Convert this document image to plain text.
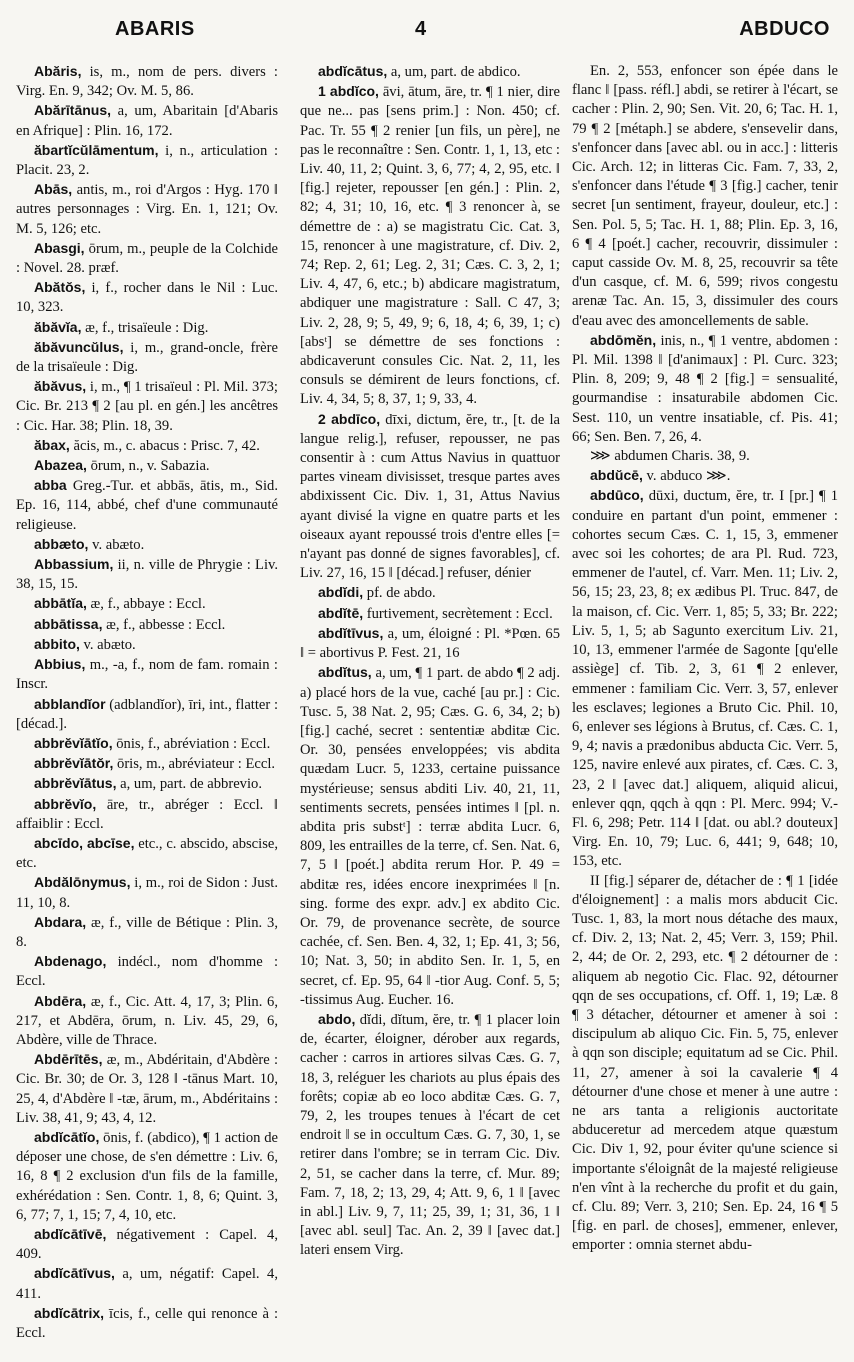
ABARIS	4	ABDUCO

Abăris, is, m., nom de pers. divers : Virg. En. 9, 342; Ov. M. 5, 86.

Abărītānus, a, um, Abaritain [d'Abaris en Afrique] : Plin. 16, 172.

ăbartĭcŭlāmentum, i, n., articulation : Placit. 23, 2.

Abās, antis, m., roi d'Argos : Hyg. 170 ‖ autres personnages : Virg. En. 1, 121; Ov. M. 5, 126; etc.

Abasgi, ōrum, m., peuple de la Colchide : Novel. 28. præf.

Abătŏs, i, f., rocher dans le Nil : Luc. 10, 323.

ăbăvĭa, æ, f., trisaïeule : Dig.

ăbăvuncŭlus, i, m., grand-oncle, frère de la trisaïeule : Dig.

ăbăvus, i, m., ¶ 1 trisaïeul : Pl. Mil. 373; Cic. Br. 213 ¶ 2 [au pl. en gén.] les ancêtres : Cic. Har. 38; Plin. 18, 39.

ăbax, ăcis, m., c. abacus : Prisc. 7, 42.

Abazea, ōrum, n., v. Sabazia.

abba Greg.-Tur. et abbās, ātis, m., Sid. Ep. 16, 114, abbé, chef d'une communauté religieuse.

abbæto, v. abæto.

Abbassium, ii, n. ville de Phrygie : Liv. 38, 15, 15.

abbātĭa, æ, f., abbaye : Eccl.

abbātissa, æ, f., abbesse : Eccl.

abbito, v. abæto.

Abbius, m., -a, f., nom de fam. romain : Inscr.

abblandĭor (adblandĭor), īri, int., flatter : [décad.].

abbrĕvĭātĭo, ōnis, f., abréviation : Eccl.

abbrĕvĭātŏr, ōris, m., abréviateur : Eccl.

abbrĕvĭātus, a, um, part. de abbrevio.

abbrĕvĭo, āre, tr., abréger : Eccl. ‖ affaiblir : Eccl.

abcīdo, abcīse, etc., c. abscido, abscise, etc.

Abdălōnymus, i, m., roi de Sidon : Just. 11, 10, 8.

Abdara, æ, f., ville de Bétique : Plin. 3, 8.

Abdenago, indécl., nom d'homme : Eccl.

Abdēra, æ, f., Cic. Att. 4, 17, 3; Plin. 6, 217, et Abdēra, ōrum, n. Liv. 45, 29, 6, Abdère, ville de Thrace.

Abdērītēs, æ, m., Abdéritain, d'Abdère : Cic. Br. 30; de Or. 3, 128 ‖ -tānus Mart. 10, 25, 4, d'Abdère ‖ -tæ, ārum, m., Abdéritains : Liv. 38, 41, 9; 43, 4, 12.

abdĭcātĭo, ōnis, f. (abdico), ¶ 1 action de déposer une chose, de s'en démettre : Liv. 6, 16, 8 ¶ 2 exclusion d'un fils de la famille, exhérédation : Sen. Contr. 1, 8, 6; Quint. 3, 6, 77; 7, 1, 15; 7, 4, 10, etc.

abdĭcātīvē, négativement : Capel. 4, 409.

abdĭcātīvus, a, um, négatif: Capel. 4, 411.

abdĭcātrix, īcis, f., celle qui renonce à : Eccl.

abdĭcātus, a, um, part. de abdico.

1 abdĭco, āvi, ātum, āre, tr. ¶ 1 nier, dire que ne... pas [sens prim.] : Non. 450; cf. Pac. Tr. 55 ¶ 2 renier [un fils, un père], ne pas le reconnaître : Sen. Contr. 1, 1, 13, etc : Liv. 40, 11, 2; Quint. 3, 6, 77; 4, 2, 95, etc. ‖ [fig.] rejeter, repousser [en gén.] : Plin. 2, 82; 4, 31; 10, 16, etc. ¶ 3 renoncer à, se démettre de : a) se magistratu Cic. Cat. 3, 15, renoncer à une magistrature, cf. Div. 2, 74; Rep. 2, 61; Leg. 2, 31; Cæs. C. 3, 2, 1; Liv. 4, 47, 6, etc.; b) abdicare magistratum, abdiquer une magistrature : Sall. C 47, 3; Liv. 2, 28, 9; 5, 49, 9; 6, 18, 4; 6, 39, 1; c) [absᵗ] se démettre de ses fonctions : abdicaverunt consules Cic. Nat. 2, 11, les consuls se démirent de leurs fonctions, cf. Liv. 4, 34, 5; 8, 37, 1; 9, 33, 4.

2 abdīco, dīxi, dictum, ĕre, tr., [t. de la langue relig.], refuser, repousser, ne pas consentir à : cum Attus Navius in quattuor partes vineam divisisset, tresque partes aves abdixissent Cic. Div. 1, 31, Attus Navius ayant divisé la vigne en quatre parts et les oiseaux ayant repoussé trois d'entre elles [= n'ayant pas donné de signes favorables], cf. Liv. 27, 16, 15 ‖ [décad.] refuser, dénier

abdĭdi, pf. de abdo.

abdĭtē, furtivement, secrètement : Eccl.

abdĭtīvus, a, um, éloigné : Pl. *Pœn. 65 ‖ = abortivus P. Fest. 21, 16

abdĭtus, a, um, ¶ 1 part. de abdo ¶ 2 adj. a) placé hors de la vue, caché [au pr.] : Cic. Tusc. 5, 38 Nat. 2, 95; Cæs. G. 6, 34, 2; b) [fig.] caché, secret : sententiæ abditæ Cic. Or. 30, pensées enveloppées; vis abdita quædam Lucr. 5, 1233, certaine puissance mystérieuse; sensus abditi Liv. 40, 21, 11, sentiments secrets, pensées intimes ‖ [pl. n. abdita pris substᵗ] : terræ abdita Lucr. 6, 809, les entrailles de la terre, cf. Sen. Nat. 6, 7, 5 ‖ [poét.] abdita rerum Hor. P. 49 = abditæ res, idées encore inexprimées ‖ [n. sing. forme des expr. adv.] ex abdito Cic. Or. 79, de provenance secrète, de source cachée, cf. Sen. Ben. 4, 32, 1; Ep. 41, 3; 56, 10; Nat. 3, 50; in abdito Sen. Ir. 1, 5, en secret, cf. Ep. 95, 64 ‖ -tior Aug. Conf. 5, 5; -tissimus Aug. Eucher. 16.

abdo, dĭdi, dĭtum, ĕre, tr. ¶ 1 placer loin de, écarter, éloigner, dérober aux regards, cacher : carros in artiores silvas Cæs. G. 7, 18, 3, reléguer les chariots au plus épais des forêts; copiæ ab eo loco abditæ Cæs. G. 7, 79, 2, les troupes tenues à l'écart de cet endroit ‖ se in occultum Cæs. G. 7, 30, 1, se retirer dans l'ombre; se in terram Cic. Div. 2, 51, se cacher dans la terre, cf. Mur. 89; Fam. 7, 18, 2; 13, 29, 4; Att. 9, 6, 1 ‖ [avec in abl.] Liv. 9, 7, 11; 25, 39, 1; 31, 36, 1 ‖ [avec abl. seul] Tac. An. 2, 39 ‖ [avec dat.] lateri ensem Virg.

En. 2, 553, enfoncer son épée dans le flanc ‖ [pass. réfl.] abdi, se retirer à l'écart, se cacher : Plin. 2, 90; Sen. Vit. 20, 6; Tac. H. 1, 79 ¶ 2 [métaph.] se abdere, s'ensevelir dans, s'enfoncer dans [avec abl. ou in acc.] : litteris Cic. Arch. 12; in litteras Cic. Fam. 7, 33, 2, s'enfoncer dans l'étude ¶ 3 [fig.] cacher, tenir secret [un sentiment, frayeur, douleur, etc.] : Sen. Pol. 5, 5; Tac. H. 1, 88; Plin. Ep. 3, 16, 6 ¶ 4 [poét.] cacher, recouvrir, dissimuler : caput casside Ov. M. 8, 25, recouvrir sa tête d'un casque, cf. M. 6, 599; rivos congestu arenæ Tac. An. 15, 3, dissimuler des cours d'eau avec des amoncellements de sable.

abdōmĕn, inis, n., ¶ 1 ventre, abdomen : Pl. Mil. 1398 ‖ [d'animaux] : Pl. Curc. 323; Plin. 8, 209; 9, 48 ¶ 2 [fig.] = sensualité, gourmandise : insaturabile abdomen Cic. Sest. 110, un ventre insatiable, cf. Pis. 41; 66; Sen. Ben. 7, 26, 4.

⋙ abdumen Charis. 38, 9.

abdŭcē, v. abduco ⋙.

abdūco, dūxi, ductum, ĕre, tr. I [pr.] ¶ 1 conduire en partant d'un point, emmener : cohortes secum Cæs. C. 1, 15, 3, emmener avec soi les cohortes; de ara Pl. Rud. 723, emmener de l'autel, cf. Varr. Men. 11; Liv. 2, 56, 15; 23, 23, 8; ex ædibus Pl. Truc. 847, de la maison, cf. Cic. Verr. 1, 85; 5, 33; Br. 222; Liv. 5, 1, 5; ab Sagunto exercitum Liv. 21, 10, 13, emmener l'armée de Sagonte [qu'elle assiège] cf. Tib. 2, 3, 61 ¶ 2 enlever, emmener : familiam Cic. Verr. 3, 57, enlever les esclaves; legiones a Bruto Cic. Phil. 10, 6, enlever ses légions à Brutus, cf. Cæs. C. 1, 9, 4; navis a prædonibus abducta Cic. Verr. 5, 125, navire enlevé aux pirates, cf. Cæs. C. 3, 23, 2 ‖ [avec dat.] aliquem, aliquid alicui, enlever qqn, qqch à qqn : Pl. Merc. 994; V.-Fl. 6, 298; Petr. 114 ‖ [dat. ou abl.? douteux] Virg. En. 10, 79; Luc. 6, 441; 9, 648; 10, 153, etc.

II [fig.] séparer de, détacher de : ¶ 1 [idée d'éloignement] : a malis mors abducit Cic. Tusc. 1, 83, la mort nous détache des maux, cf. Div. 2, 13; Nat. 2, 45; Verr. 3, 159; Phil. 2, 44; de Or. 2, 293, etc. ¶ 2 détourner de : aliquem ab negotio Cic. Flac. 92, détourner qqn de ses occupations, cf. Off. 1, 19; Læ. 8 ¶ 3 détacher, détourner et amener à soi : discipulum ab aliquo Cic. Fin. 5, 75, enlever à qqn son disciple; equitatum ad se Cic. Phil. 11, 27, amener à soi la cavalerie ¶ 4 détourner d'une chose et mener à une autre : ne ars tanta a religionis auctoritate abduceretur ad mercedem atque quæstum Cic. Div 1, 92, pour éviter qu'une science si importante s'éloignât de la majesté religieuse n'en vînt à la recherche du profit et du gain, cf. Clu. 89; Verr. 3, 210; Sen. Ep. 24, 16 ¶ 5 [fig. en parl. de choses], emmener, enlever, emporter : omnia sternet abdu-
